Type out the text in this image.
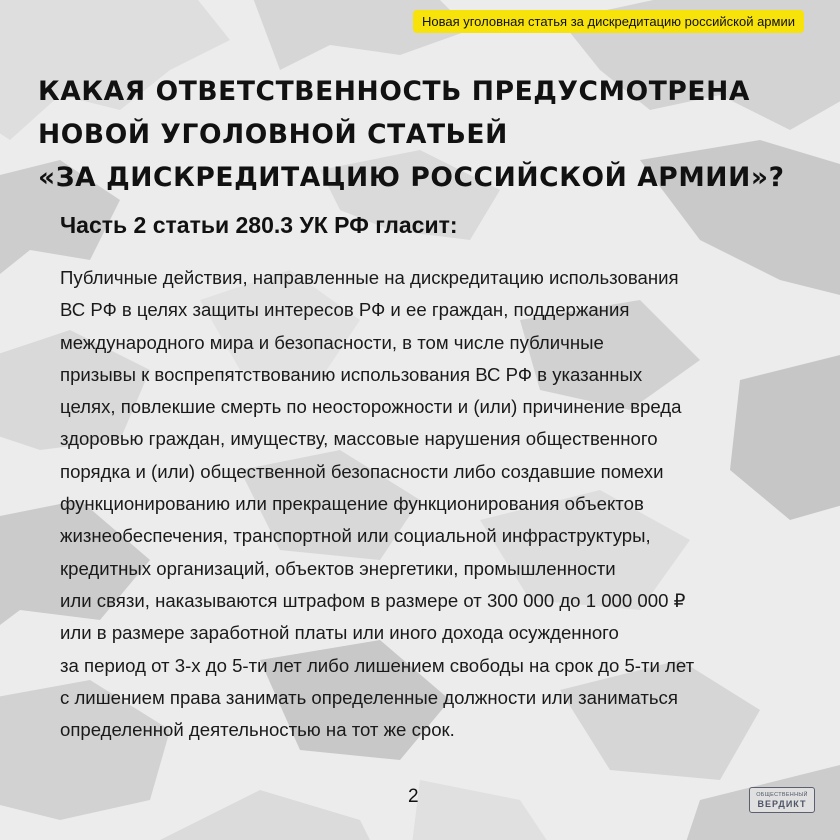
Новая уголовная статья за дискредитацию российской армии
КАКАЯ ОТВЕТСТВЕННОСТЬ ПРЕДУСМОТРЕНА
НОВОЙ УГОЛОВНОЙ СТАТЬЕЙ
«ЗА ДИСКРЕДИТАЦИЮ РОССИЙСКОЙ АРМИИ»?
Часть 2 статьи 280.3 УК РФ гласит:
Публичные действия, направленные на дискредитацию использования
ВС РФ в целях защиты интересов РФ и ее граждан, поддержания
международного мира и безопасности, в том числе публичные
призывы к воспрепятствованию использования ВС РФ в указанных
целях, повлекшие смерть по неосторожности и (или) причинение вреда
здоровью граждан, имуществу, массовые нарушения общественного
порядка и (или) общественной безопасности либо создавшие помехи
функционированию или прекращение функционирования объектов
жизнеобеспечения, транспортной или социальной инфраструктуры,
кредитных организаций, объектов энергетики, промышленности
или связи, наказываются штрафом в размере от 300 000 до 1 000 000 ₽
или в размере заработной платы или иного дохода осужденного
за период от 3-х до 5-ти лет либо лишением свободы на срок до 5-ти лет
с лишением права занимать определенные должности или заниматься
определенной деятельностью на тот же срок.
2	ОБЩЕСТВЕННЫЙ
ВЕРДИКТ
